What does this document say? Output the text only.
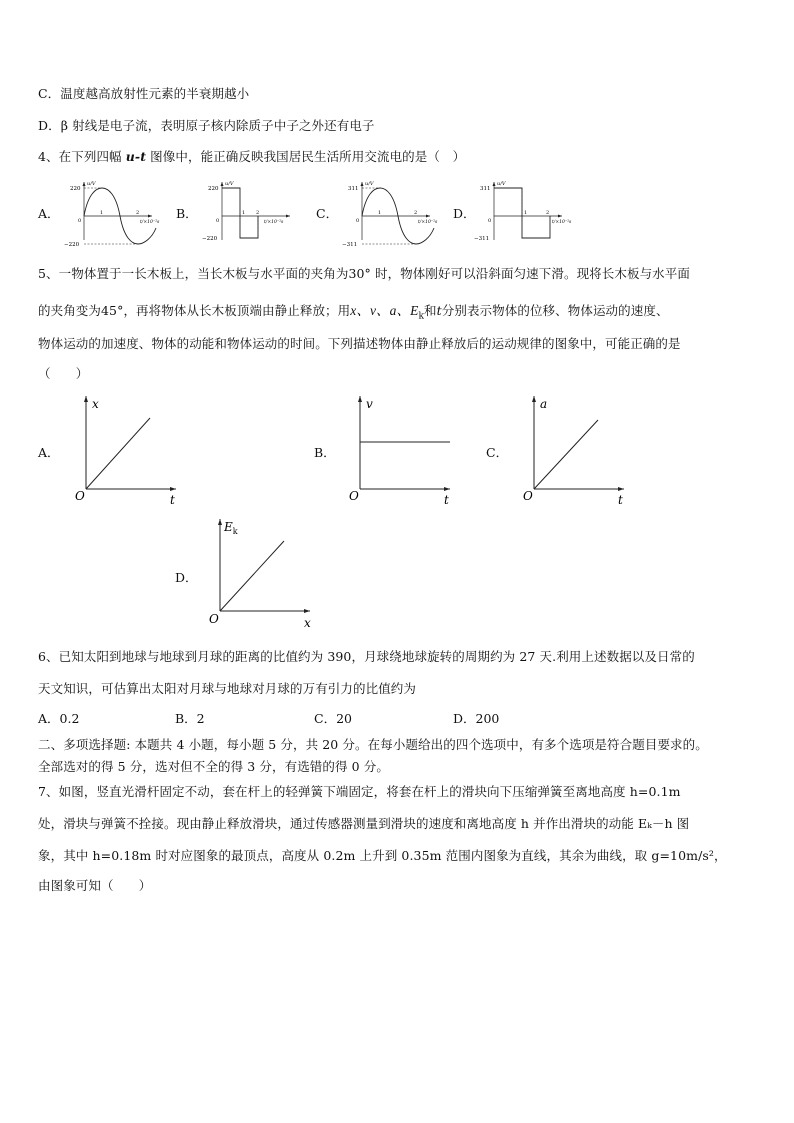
C．温度越高放射性元素的半衰期越小
D．β 射线是电子流，表明原子核内除质子中子之外还有电子
4、在下列四幅 u-t 图像中，能正确反映我国居民生活所用交流电的是（　）
A．	B．	C．	D．
u/V
220
−220
1	2
0	t/×10⁻²s
u/V
220
−220
1 2
0	t/×10⁻²s
u/V
311
−311
1	2
0	t/×10⁻²s
u/V
311
−311
1	2
0	t/×10⁻²s
5、一物体置于一长木板上，当长木板与水平面的夹角为30° 时，物体刚好可以沿斜面匀速下滑。现将长木板与水平面
的夹角变为45°，再将物体从长木板顶端由静止释放；用x、v、a、$E_k$和t分别表示物体的位移、物体运动的速度、
物体运动的加速度、物体的动能和物体运动的时间。下列描述物体由静止释放后的运动规律的图象中，可能正确的是
（　　）
A．	B．	C．
D．
x
t
O
v
t
O
a
t
O
$E_k$
x
O
6、已知太阳到地球与地球到月球的距离的比值约为 390，月球绕地球旋转的周期约为 27 天.利用上述数据以及日常的
天文知识，可估算出太阳对月球与地球对月球的万有引力的比值约为
A．0.2	B．2	C．20	D．200
二、多项选择题: 本题共 4 小题，每小题 5 分，共 20 分。在每小题给出的四个选项中，有多个选项是符合题目要求的。
全部选对的得 5 分，选对但不全的得 3 分，有选错的得 0 分。
7、如图，竖直光滑杆固定不动，套在杆上的轻弹簧下端固定，将套在杆上的滑块向下压缩弹簧至离地高度 h=0.1m
处，滑块与弹簧不拴接。现由静止释放滑块，通过传感器测量到滑块的速度和离地高度 h 并作出滑块的动能 Eₖ－h 图
象，其中 h=0.18m 时对应图象的最顶点，高度从 0.2m 上升到 0.35m 范围内图象为直线，其余为曲线，取 g=10m/s²，
由图象可知（　　）
